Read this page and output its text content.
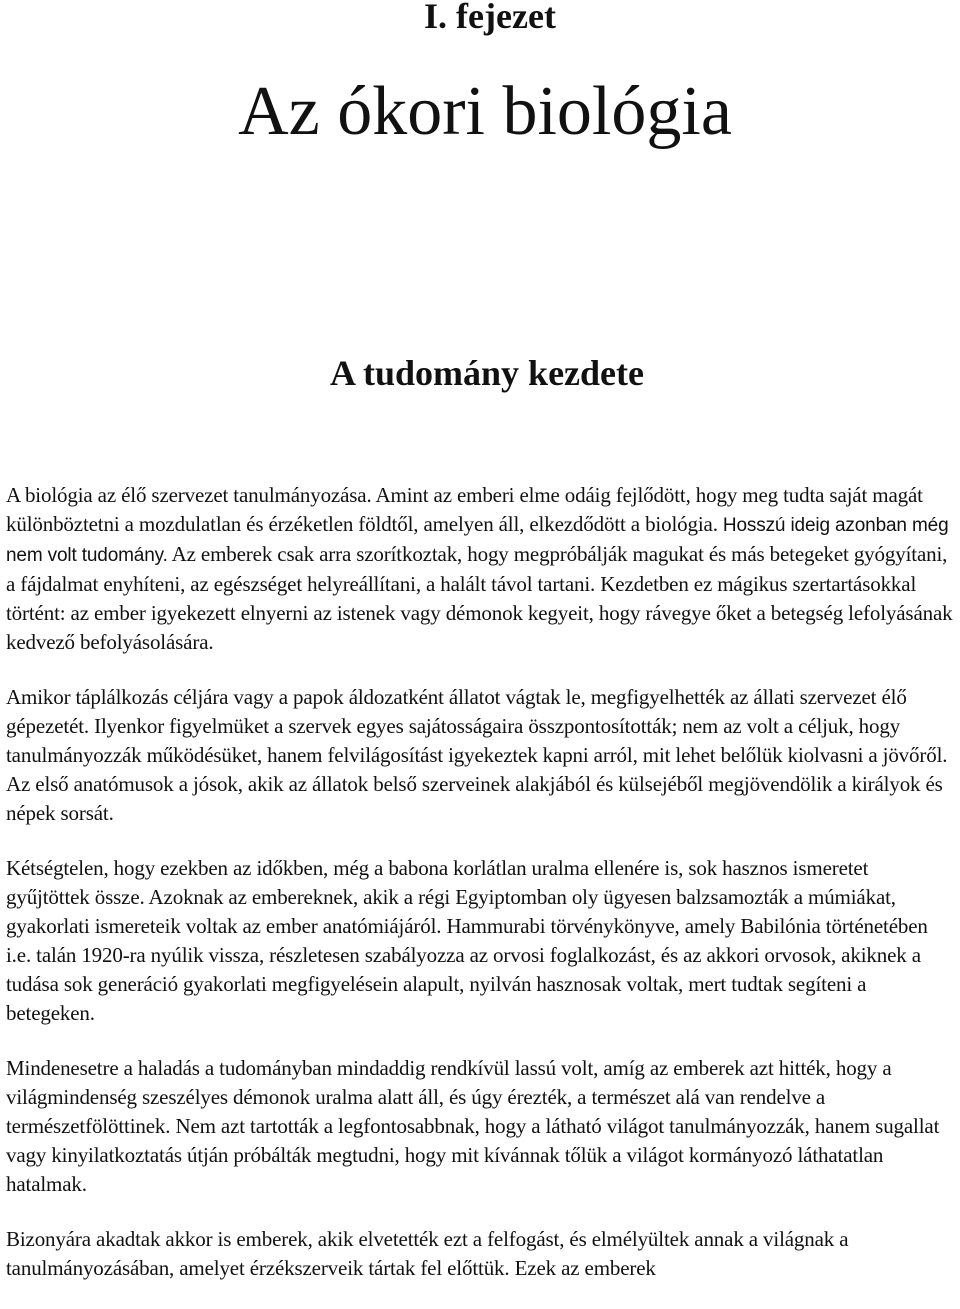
I. fejezet
Az ókori biológia
A tudomány kezdete

A biológia az élő szervezet tanulmányozása. Amint az emberi elme odáig fejlődött, hogy meg tudta saját magát különböztetni a mozdulatlan és érzéketlen földtől, amelyen áll, elkezdődött a biológia. Hosszú ideig azonban még nem volt tudomány. Az emberek csak arra szorítkoztak, hogy megpróbálják magukat és más betegeket gyógyítani, a fájdalmat enyhíteni, az egészséget helyreállítani, a halált távol tartani. Kezdetben ez mágikus szertartásokkal történt: az ember igyekezett elnyerni az istenek vagy démonok kegyeit, hogy rávegye őket a betegség lefolyásának kedvező befolyásolására.

Amikor táplálkozás céljára vagy a papok áldozatként állatot vágtak le, megfigyelhették az állati szervezet élő gépezetét. Ilyenkor figyelmüket a szervek egyes sajátosságaira összpontosították; nem az volt a céljuk, hogy tanulmányozzák működésüket, hanem felvilágosítást igyekeztek kapni arról, mit lehet belőlük kiolvasni a jövőről. Az első anatómusok a jósok, akik az állatok belső szerveinek alakjából és külsejéből megjövendölik a királyok és népek sorsát.

Kétségtelen, hogy ezekben az időkben, még a babona korlátlan uralma ellenére is, sok hasznos ismeretet gyűjtöttek össze. Azoknak az embereknek, akik a régi Egyiptomban oly ügyesen balzsamozták a múmiákat, gyakorlati ismereteik voltak az ember anatómiájáról. Hammurabi törvénykönyve, amely Babilónia történetében i.e. talán 1920-ra nyúlik vissza, részletesen szabályozza az orvosi foglalkozást, és az akkori orvosok, akiknek a tudása sok generáció gyakorlati megfigyelésein alapult, nyilván hasznosak voltak, mert tudtak segíteni a betegeken.

Mindenesetre a haladás a tudományban mindaddig rendkívül lassú volt, amíg az emberek azt hitték, hogy a világmindenség szeszélyes démonok uralma alatt áll, és úgy érezték, a természet alá van rendelve a természetfölöttinek. Nem azt tartották a legfontosabbnak, hogy a látható világot tanulmányozzák, hanem sugallat vagy kinyilatkoztatás útján próbálták megtudni, hogy mit kívánnak tőlük a világot kormányozó láthatatlan hatalmak.

Bizonyára akadtak akkor is emberek, akik elvetették ezt a felfogást, és elmélyültek annak a világnak a tanulmányozásában, amelyet érzékszerveik tártak fel előttük. Ezek az emberek
